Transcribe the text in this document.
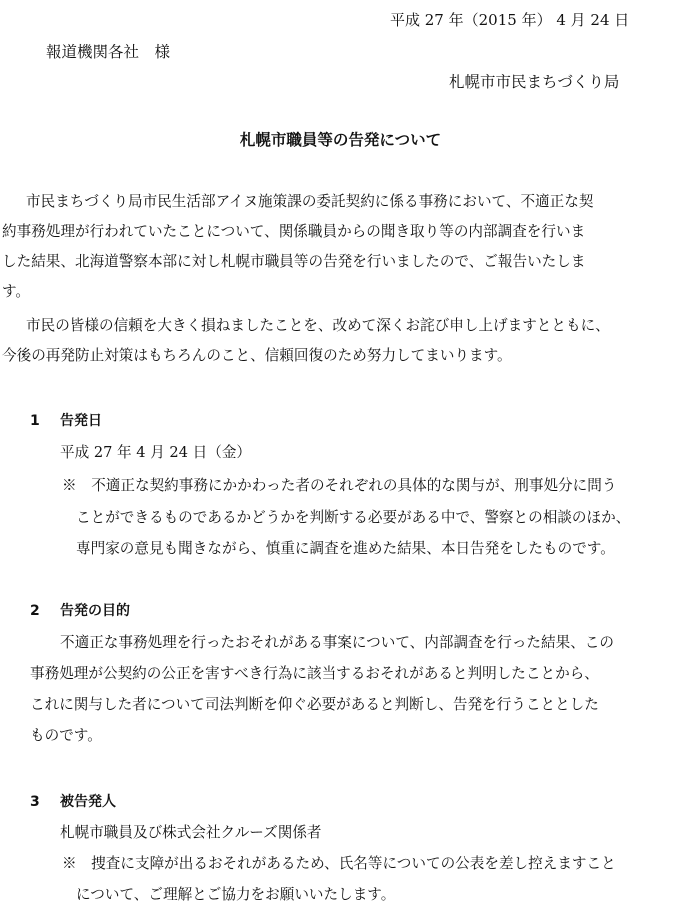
平成 27 年（2015 年） 4 月 24 日
報道機関各社　様
札幌市市民まちづくり局
札幌市職員等の告発について
市民まちづくり局市民生活部アイヌ施策課の委託契約に係る事務において、不適正な契
約事務処理が行われていたことについて、関係職員からの聞き取り等の内部調査を行いま
した結果、北海道警察本部に対し札幌市職員等の告発を行いましたので、ご報告いたしま
す。
市民の皆様の信頼を大きく損ねましたことを、改めて深くお詫び申し上げますとともに、
今後の再発防止対策はもちろんのこと、信頼回復のため努力してまいります。
1 告発日
平成 27 年 4 月 24 日（金）
※　不適正な契約事務にかかわった者のそれぞれの具体的な関与が、刑事処分に問う
ことができるものであるかどうかを判断する必要がある中で、警察との相談のほか、
専門家の意見も聞きながら、慎重に調査を進めた結果、本日告発をしたものです。
2 告発の目的
不適正な事務処理を行ったおそれがある事案について、内部調査を行った結果、この
事務処理が公契約の公正を害すべき行為に該当するおそれがあると判明したことから、
これに関与した者について司法判断を仰ぐ必要があると判断し、告発を行うこととした
ものです。
3 被告発人
札幌市職員及び株式会社クルーズ関係者
※　捜査に支障が出るおそれがあるため、氏名等についての公表を差し控えますこと
について、ご理解とご協力をお願いいたします。
